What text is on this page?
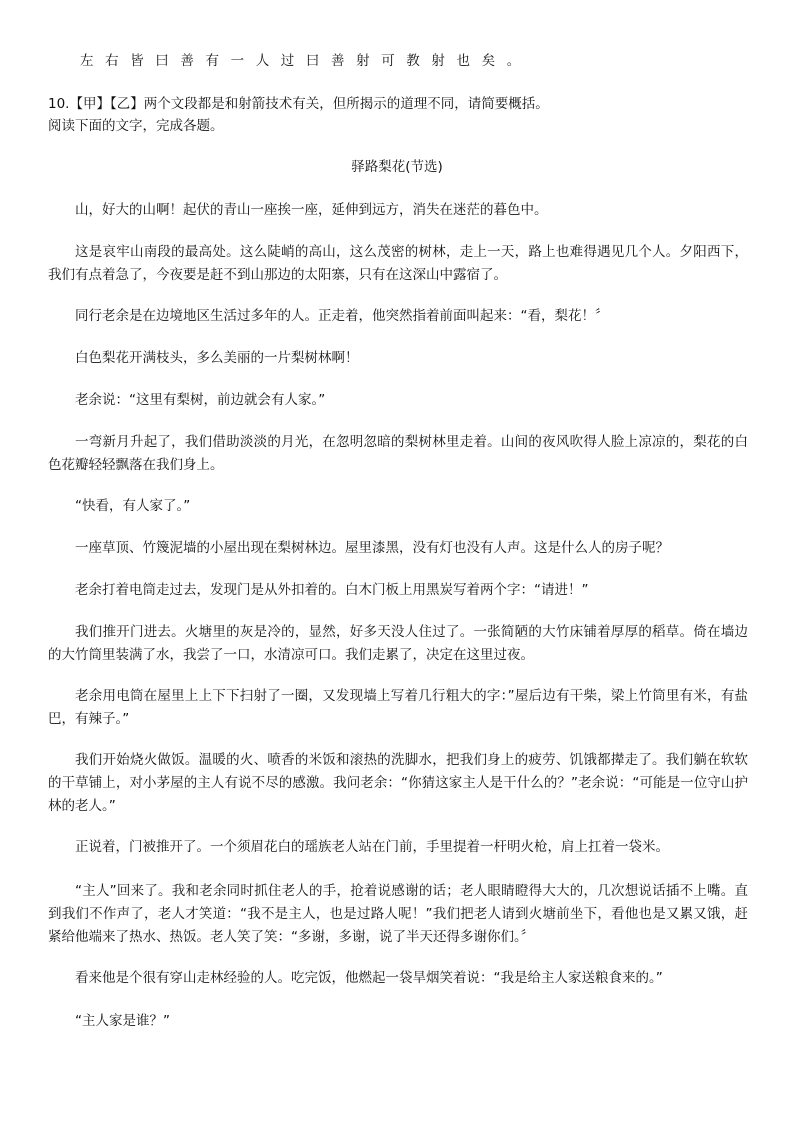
左右皆曰善有一人过曰善射可教射也矣。
10.【甲】【乙】两个文段都是和射箭技术有关，但所揭示的道理不同，请简要概括。
阅读下面的文字，完成各题。
驿路梨花(节选)
山，好大的山啊！起伏的青山一座挨一座，延伸到远方，消失在迷茫的暮色中。
这是哀牢山南段的最高处。这么陡峭的高山，这么茂密的树林，走上一天，路上也难得遇见几个人。夕阳西下，我们有点着急了，今夜要是赶不到山那边的太阳寨，只有在这深山中露宿了。
同行老余是在边境地区生活过多年的人。正走着，他突然指着前面叫起来：“看，梨花！〞
白色梨花开满枝头，多么美丽的一片梨树林啊！
老余说：“这里有梨树，前边就会有人家。”
一弯新月升起了，我们借助淡淡的月光，在忽明忽暗的梨树林里走着。山间的夜风吹得人脸上凉凉的，梨花的白色花瓣轻轻飘落在我们身上。
“快看，有人家了。”
一座草顶、竹篾泥墙的小屋出现在梨树林边。屋里漆黑，没有灯也没有人声。这是什么人的房子呢？
老余打着电筒走过去，发现门是从外扣着的。白木门板上用黑炭写着两个字：“请进！”
我们推开门进去。火塘里的灰是冷的，显然，好多天没人住过了。一张简陋的大竹床铺着厚厚的稻草。倚在墙边的大竹筒里装满了水，我尝了一口，水清凉可口。我们走累了，决定在这里过夜。
老余用电筒在屋里上上下下扫射了一圈，又发现墙上写着几行粗大的字：”屋后边有干柴，梁上竹筒里有米，有盐巴，有辣子。”
我们开始烧火做饭。温暖的火、喷香的米饭和滚热的洗脚水，把我们身上的疲劳、饥饿都撵走了。我们躺在软软的干草铺上，对小茅屋的主人有说不尽的感激。我问老余：“你猜这家主人是干什么的？”老余说：“可能是一位守山护林的老人。”
正说着，门被推开了。一个须眉花白的瑶族老人站在门前，手里提着一杆明火枪，肩上扛着一袋米。
“主人”回来了。我和老余同时抓住老人的手，抢着说感谢的话；老人眼睛瞪得大大的，几次想说话插不上嘴。直到我们不作声了，老人才笑道：“我不是主人，也是过路人呢！”我们把老人请到火塘前坐下，看他也是又累又饿，赶紧给他端来了热水、热饭。老人笑了笑：“多谢，多谢，说了半天还得多谢你们。〞
看来他是个很有穿山走林经验的人。吃完饭，他燃起一袋旱烟笑着说：“我是给主人家送粮食来的。”
“主人家是谁？”
